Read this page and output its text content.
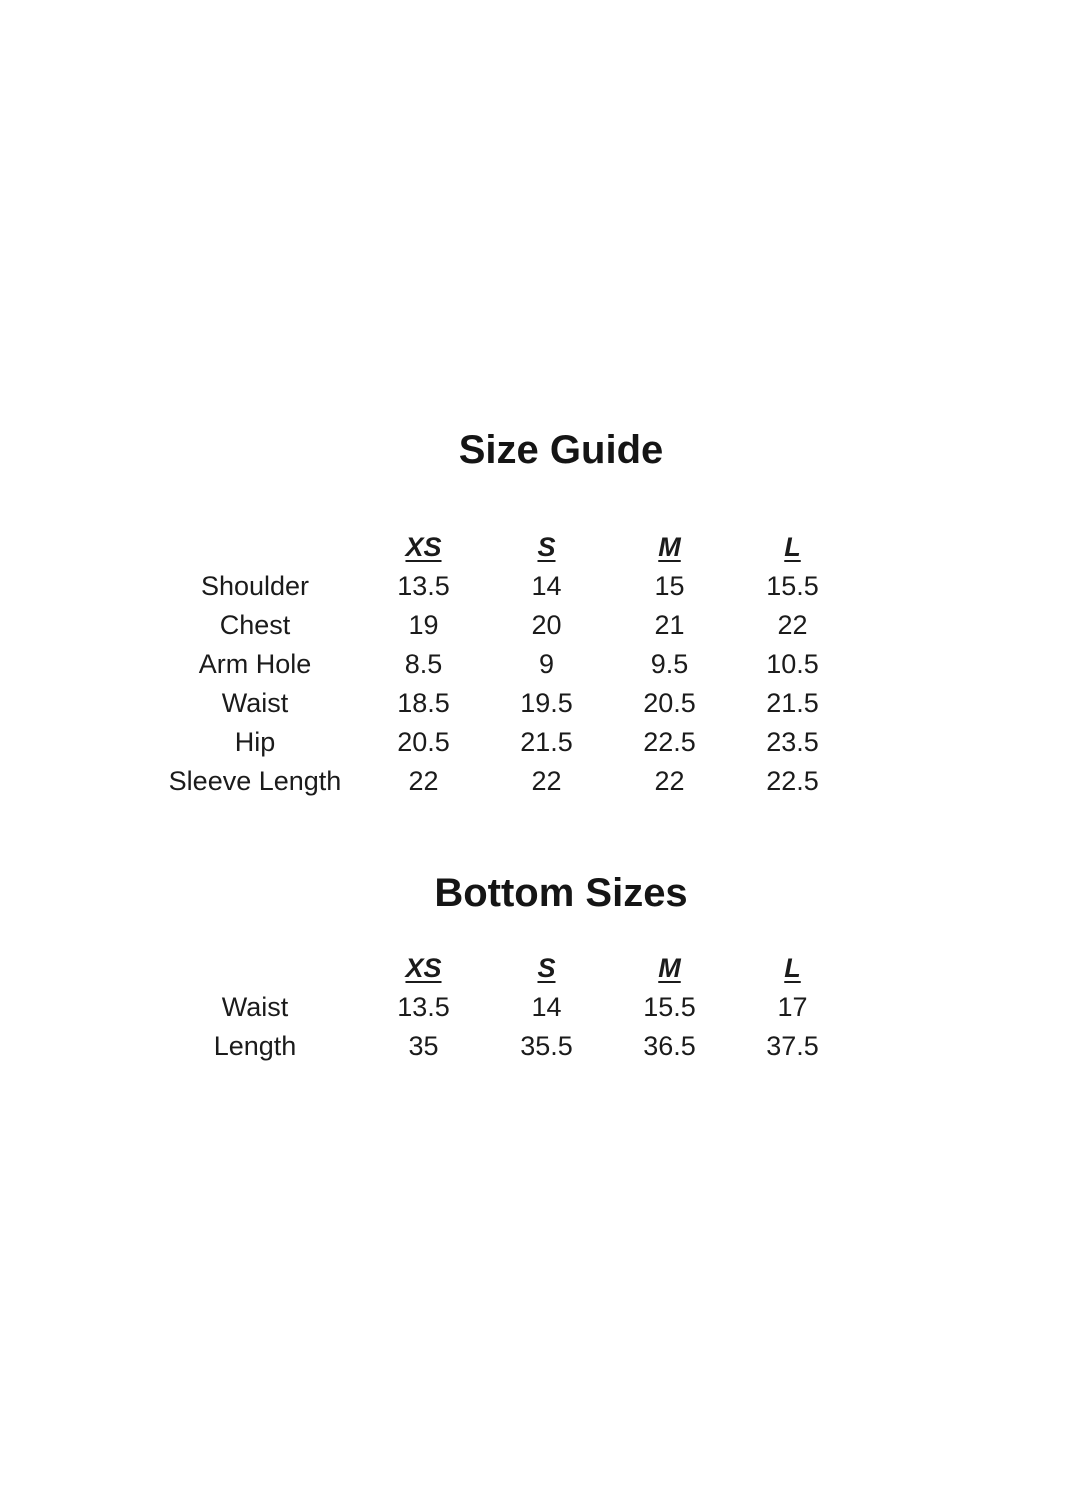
Size Guide
	XS	S	M	L
Shoulder	13.5	14	15	15.5
Chest	19	20	21	22
Arm Hole	8.5	9	9.5	10.5
Waist	18.5	19.5	20.5	21.5
Hip	20.5	21.5	22.5	23.5
Sleeve Length	22	22	22	22.5
Bottom Sizes
	XS	S	M	L
Waist	13.5	14	15.5	17
Length	35	35.5	36.5	37.5
